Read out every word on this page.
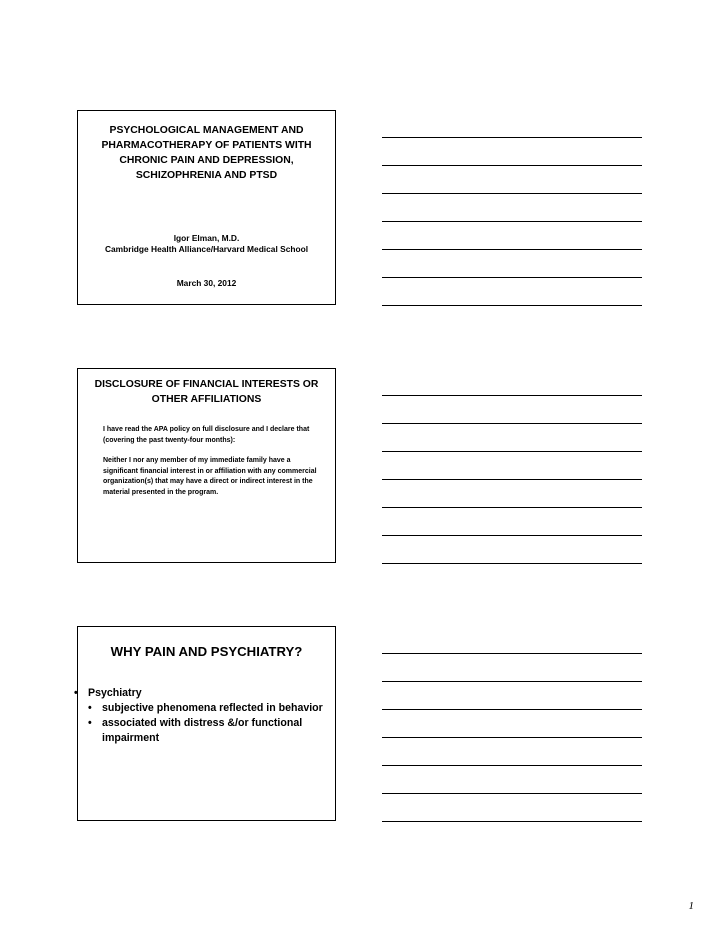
PSYCHOLOGICAL MANAGEMENT AND PHARMACOTHERAPY OF PATIENTS WITH CHRONIC PAIN AND DEPRESSION, SCHIZOPHRENIA AND PTSD
Igor Elman, M.D.
Cambridge Health Alliance/Harvard Medical School
March 30, 2012
DISCLOSURE OF FINANCIAL INTERESTS OR OTHER AFFILIATIONS

I have read the APA policy on full disclosure and I declare that (covering the past twenty-four months):

Neither I nor any member of my immediate family have a significant financial interest in or affiliation with any commercial organization(s) that may have a direct or indirect interest in the material presented in the program.

WHY PAIN AND PSYCHIATRY?
• Psychiatry
• subjective phenomena reflected in behavior
• associated with distress &/or functional impairment
1
